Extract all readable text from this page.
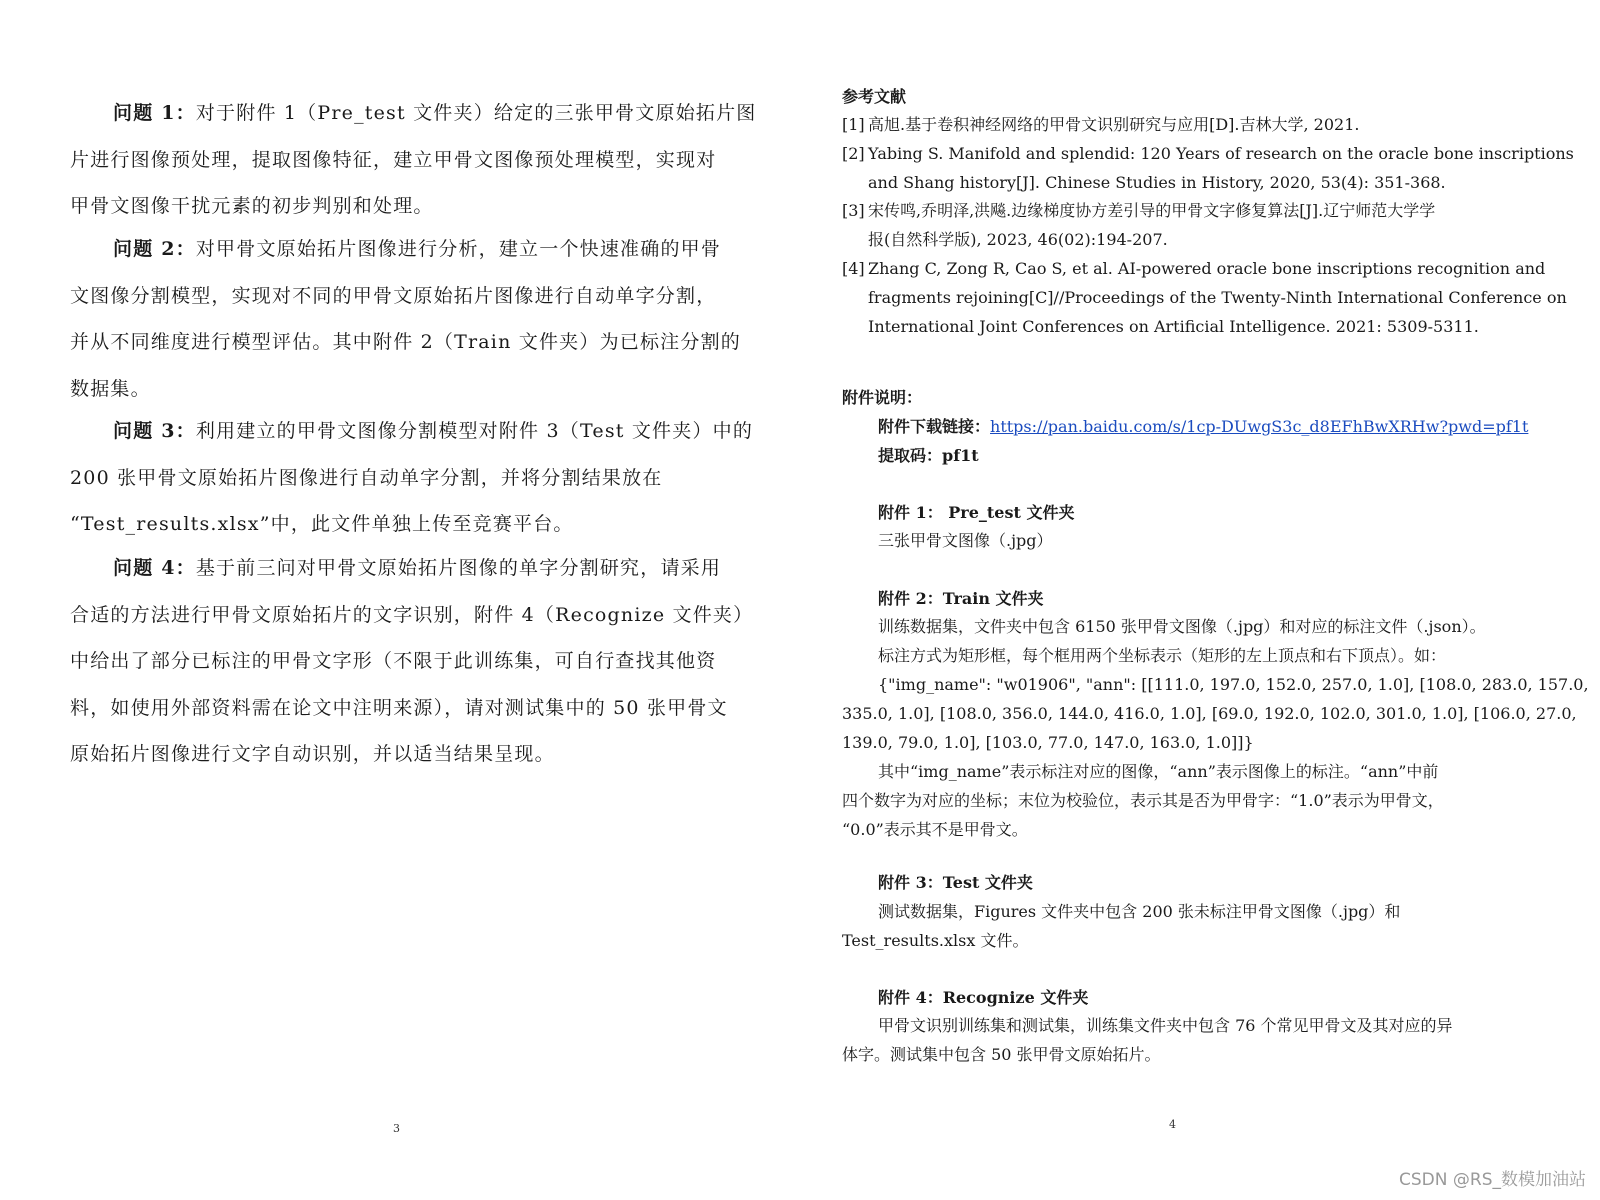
问题 1：对于附件 1（Pre_test 文件夹）给定的三张甲骨文原始拓片图
片进行图像预处理，提取图像特征，建立甲骨文图像预处理模型，实现对
甲骨文图像干扰元素的初步判别和处理。
问题 2：对甲骨文原始拓片图像进行分析，建立一个快速准确的甲骨
文图像分割模型，实现对不同的甲骨文原始拓片图像进行自动单字分割，
并从不同维度进行模型评估。其中附件 2（Train 文件夹）为已标注分割的
数据集。
问题 3：利用建立的甲骨文图像分割模型对附件 3（Test 文件夹）中的
200 张甲骨文原始拓片图像进行自动单字分割，并将分割结果放在
“Test_results.xlsx”中，此文件单独上传至竞赛平台。
问题 4：基于前三问对甲骨文原始拓片图像的单字分割研究，请采用
合适的方法进行甲骨文原始拓片的文字识别，附件 4（Recognize 文件夹）
中给出了部分已标注的甲骨文字形（不限于此训练集，可自行查找其他资
料，如使用外部资料需在论文中注明来源），请对测试集中的 50 张甲骨文
原始拓片图像进行文字自动识别，并以适当结果呈现。
3
参考文献
[1] 高旭.基于卷积神经网络的甲骨文识别研究与应用[D].吉林大学, 2021.
[2] Yabing S. Manifold and splendid: 120 Years of research on the oracle bone inscriptions
and Shang history[J]. Chinese Studies in History, 2020, 53(4): 351-368.
[3] 宋传鸣,乔明泽,洪飚.边缘梯度协方差引导的甲骨文字修复算法[J].辽宁师范大学学
报(自然科学版), 2023, 46(02):194-207.
[4] Zhang C, Zong R, Cao S, et al. AI-powered oracle bone inscriptions recognition and
fragments rejoining[C]//Proceedings of the Twenty-Ninth International Conference on
International Joint Conferences on Artificial Intelligence. 2021: 5309-5311.
附件说明：
附件下载链接：https://pan.baidu.com/s/1cp-DUwgS3c_d8EFhBwXRHw?pwd=pf1t
提取码：pf1t
附件 1： Pre_test 文件夹
三张甲骨文图像（.jpg）
附件 2：Train 文件夹
训练数据集，文件夹中包含 6150 张甲骨文图像（.jpg）和对应的标注文件（.json）。
标注方式为矩形框，每个框用两个坐标表示（矩形的左上顶点和右下顶点）。如：
{"img_name": "w01906", "ann": [[111.0, 197.0, 152.0, 257.0, 1.0], [108.0, 283.0, 157.0,
335.0, 1.0], [108.0, 356.0, 144.0, 416.0, 1.0], [69.0, 192.0, 102.0, 301.0, 1.0], [106.0, 27.0,
139.0, 79.0, 1.0], [103.0, 77.0, 147.0, 163.0, 1.0]]}
其中“img_name”表示标注对应的图像，“ann”表示图像上的标注。“ann”中前
四个数字为对应的坐标；末位为校验位，表示其是否为甲骨字：“1.0”表示为甲骨文，
“0.0”表示其不是甲骨文。
附件 3：Test 文件夹
测试数据集，Figures 文件夹中包含 200 张未标注甲骨文图像（.jpg）和
Test_results.xlsx 文件。
附件 4：Recognize 文件夹
甲骨文识别训练集和测试集，训练集文件夹中包含 76 个常见甲骨文及其对应的异
体字。测试集中包含 50 张甲骨文原始拓片。
4
CSDN @RS_数模加油站
